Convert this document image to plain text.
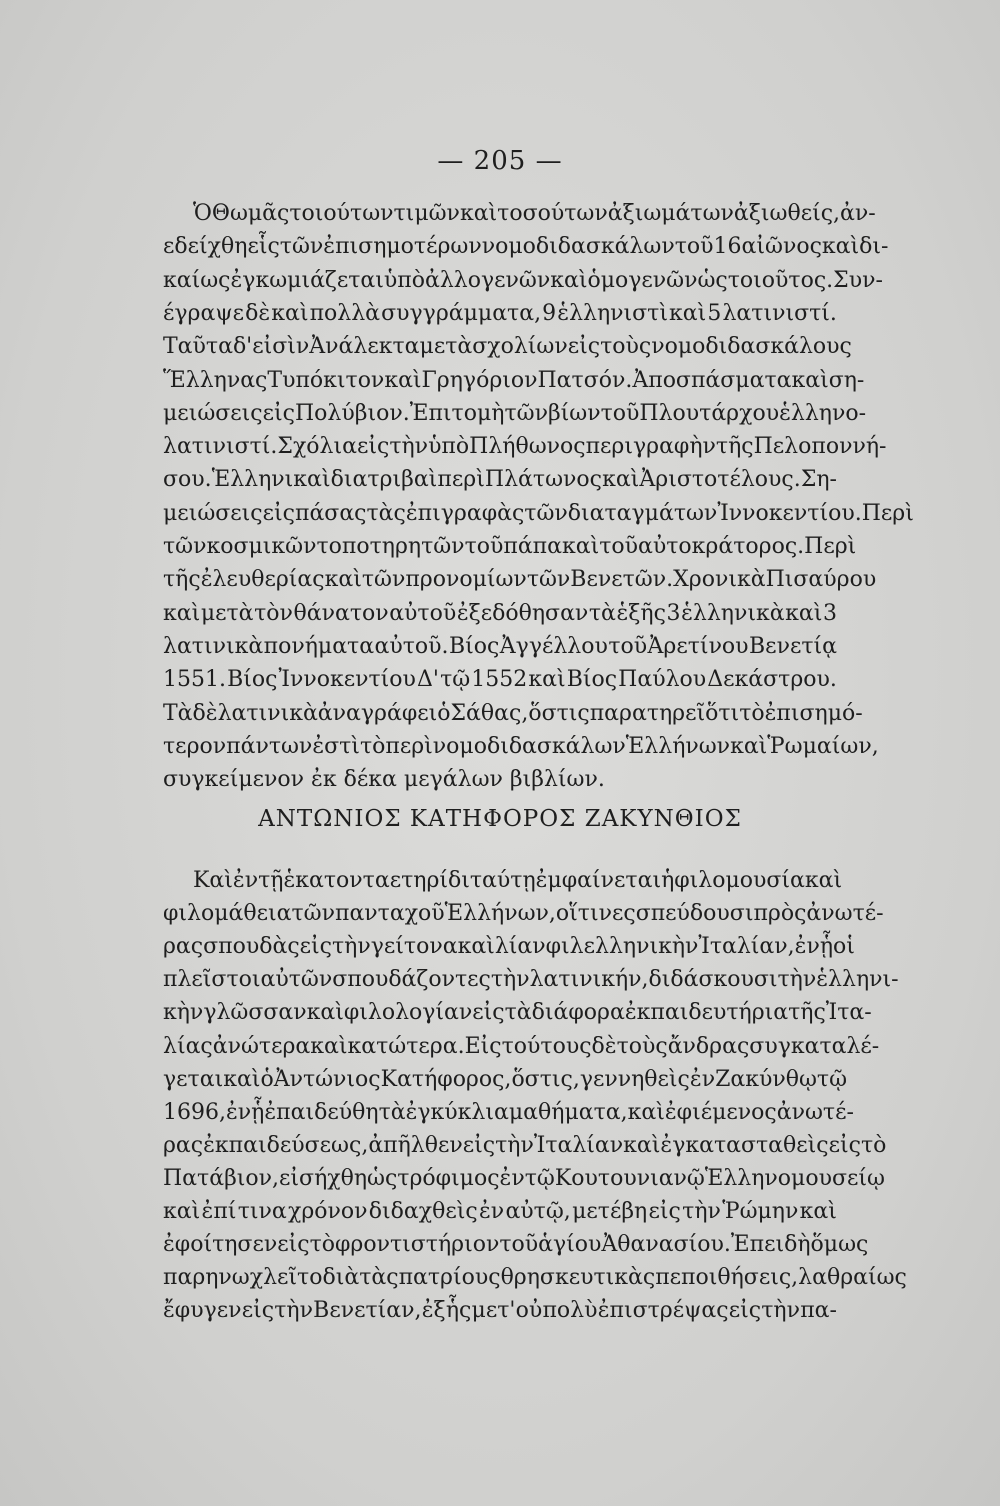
— 205 —
Ὁ Θωμᾶς τοιούτων τιμῶν καὶ τοσούτων ἀξιωμάτων ἀξιωθείς, ἀν-
εδείχθη εἷς τῶν ἐπισημοτέρων νομοδιδασκάλων τοῦ 16 αἰῶνος καὶ δι-
καίως ἐγκωμιάζεται ὑπὸ ἀλλογενῶν καὶ ὁμογενῶν ὡς τοιοῦτος. Συν-
έγραψε δὲ καὶ πολλὰ συγγράμματα, 9 ἑλληνιστὶ καὶ 5 λατινιστί.
Ταῦτα δ'εἰσὶν Ἀνάλεκτα μετὰ σχολίων εἰς τοὺς νομοδιδασκάλους
Ἕλληνας Τυπόκιτον καὶ Γρηγόριον Πατσόν. Ἀποσπάσματα καὶ ση-
μειώσεις εἰς Πολύβιον. Ἐπιτομὴ τῶν βίων τοῦ Πλουτάρχου ἑλληνο-
λατινιστί. Σχόλια εἰς τὴν ὑπὸ Πλήθωνος περιγραφὴν τῆς Πελοποννή-
σου. Ἑλληνικαὶ διατριβαὶ περὶ Πλάτωνος καὶ Ἀριστοτέλους. Ση-
μειώσεις εἰς πάσας τὰς ἐπιγραφὰς τῶν διαταγμάτων Ἰννοκεντίου. Περὶ
τῶν κοσμικῶν τοποτηρητῶν τοῦ πάπα καὶ τοῦ αὐτοκράτορος. Περὶ
τῆς ἐλευθερίας καὶ τῶν προνομίων τῶν Βενετῶν. Χρονικὰ Πισαύρου
καὶ μετὰ τὸν θάνατον αὐτοῦ ἐξεδόθησαν τὰ ἑξῆς 3 ἑλληνικὰ καὶ 3
λατινικὰ πονήματα αὐτοῦ. Βίος Ἀγγέλλου τοῦ Ἀρετίνου Βενετίᾳ
1551. Βίος Ἰννοκεντίου Δ' τῷ 1552 καὶ Βίος Παύλου Δεκάστρου.
Τὰ δὲ λατινικὰ ἀναγράφει ὁ Σάθας, ὅστις παρατηρεῖ ὅτι τὸ ἐπισημό-
τερον πάντων ἐστὶ τὸ περὶ νομοδιδασκάλων Ἑλλήνων καὶ Ῥωμαίων,
συγκείμενον ἐκ δέκα μεγάλων βιβλίων.
ΑΝΤΩΝΙΟΣ ΚΑΤΗΦΟΡΟΣ ΖΑΚΥΝΘΙΟΣ
Καὶ ἐν τῇ ἑκατονταετηρίδι ταύτῃ ἐμφαίνεται ἡ φιλομουσία καὶ
φιλομάθεια τῶν πανταχοῦ Ἑλλήνων, οἵτινες σπεύδουσι πρὸς ἀνωτέ-
ρας σπουδὰς εἰς τὴν γείτονα καὶ λίαν φιλελληνικὴν Ἰταλίαν, ἐν ᾗ οἱ
πλεῖστοι αὐτῶν σπουδάζοντες τὴν λατινικήν, διδάσκουσι τὴν ἑλληνι-
κὴν γλῶσσαν καὶ φιλολογίαν εἰς τὰ διάφορα ἐκπαιδευτήρια τῆς Ἰτα-
λίας ἀνώτερα καὶ κατώτερα. Εἰς τούτους δὲ τοὺς ἄνδρας συγκαταλέ-
γεται καὶ ὁ Ἀντώνιος Κατήφορος, ὅστις, γεννηθεὶς ἐν Ζακύνθῳ τῷ
1696, ἐν ᾗ ἐπαιδεύθη τὰ ἐγκύκλια μαθήματα, καὶ ἐφιέμενος ἀνωτέ-
ρας ἐκπαιδεύσεως, ἀπῆλθεν εἰς τὴν Ἰταλίαν καὶ ἐγκατασταθεὶς εἰς τὸ
Πατάβιον, εἰσήχθη ὡς τρόφιμος ἐν τῷ Κουτουνιανῷ Ἑλληνομουσείῳ
καὶ ἐπί τινα χρόνον διδαχθεὶς ἐν αὐτῷ, μετέβη εἰς τὴν Ῥώμην καὶ
ἐφοίτησεν εἰς τὸ φροντιστήριον τοῦ ἁγίου Ἀθανασίου. Ἐπειδὴ ὅμως
παρηνωχλεῖτο διὰ τὰς πατρίους θρησκευτικὰς πεποιθήσεις, λαθραίως
ἔφυγεν εἰς τὴν Βενετίαν, ἐξ ἧς μετ' οὐ πολὺ ἐπιστρέψας εἰς τὴν πα-
